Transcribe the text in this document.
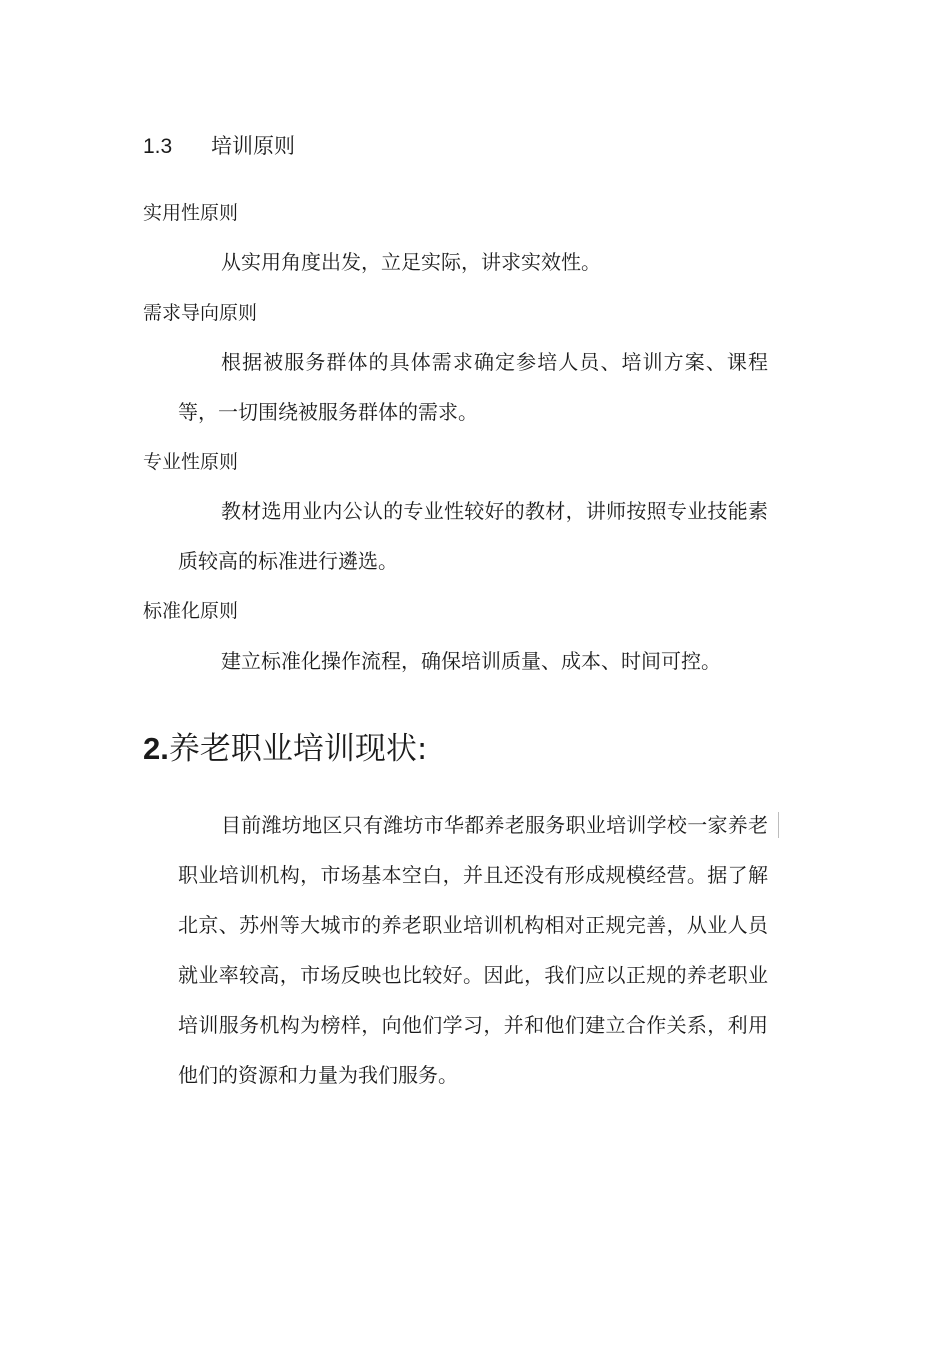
1.3 培训原则
实用性原则
从实用角度出发，立足实际，讲求实效性。
需求导向原则
根据被服务群体的具体需求确定参培人员、培训方案、课程等，一切围绕被服务群体的需求。
专业性原则
教材选用业内公认的专业性较好的教材，讲师按照专业技能素质较高的标准进行遴选。
标准化原则
建立标准化操作流程，确保培训质量、成本、时间可控。
2.养老职业培训现状:
目前潍坊地区只有潍坊市华都养老服务职业培训学校一家养老职业培训机构，市场基本空白，并且还没有形成规模经营。据了解北京、苏州等大城市的养老职业培训机构相对正规完善，从业人员就业率较高，市场反映也比较好。因此，我们应以正规的养老职业培训服务机构为榜样，向他们学习，并和他们建立合作关系，利用他们的资源和力量为我们服务。
